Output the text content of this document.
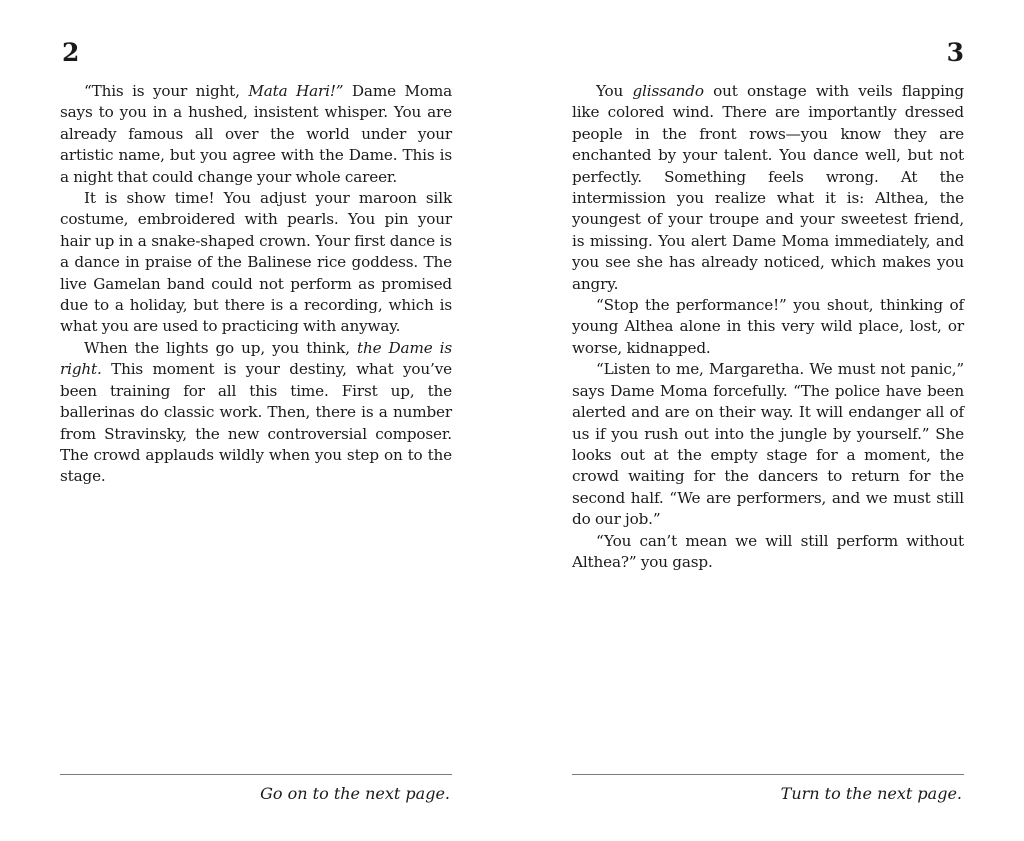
2

“This is your night, Mata Hari!” Dame Moma says to you in a hushed, insistent whisper. You are already famous all over the world under your artistic name, but you agree with the Dame. This is a night that could change your whole career.

It is show time! You adjust your maroon silk costume, embroidered with pearls. You pin your hair up in a snake-shaped crown. Your first dance is a dance in praise of the Balinese rice goddess. The live Gamelan band could not perform as promised due to a holiday, but there is a recording, which is what you are used to practicing with anyway.

When the lights go up, you think, the Dame is right. This moment is your destiny, what you’ve been training for all this time. First up, the ballerinas do classic work. Then, there is a number from Stravinsky, the new controversial composer. The crowd applauds wildly when you step on to the stage.

Go on to the next page.
3

You glissando out onstage with veils flapping like colored wind. There are importantly dressed people in the front rows—you know they are enchanted by your talent. You dance well, but not perfectly. Something feels wrong. At the intermission you realize what it is: Althea, the youngest of your troupe and your sweetest friend, is missing. You alert Dame Moma immediately, and you see she has already noticed, which makes you angry.

“Stop the performance!” you shout, thinking of young Althea alone in this very wild place, lost, or worse, kidnapped.

“Listen to me, Margaretha. We must not panic,” says Dame Moma forcefully. “The police have been alerted and are on their way. It will endanger all of us if you rush out into the jungle by yourself.” She looks out at the empty stage for a moment, the crowd waiting for the dancers to return for the second half. “We are performers, and we must still do our job.”

“You can’t mean we will still perform without Althea?” you gasp.

Turn to the next page.
